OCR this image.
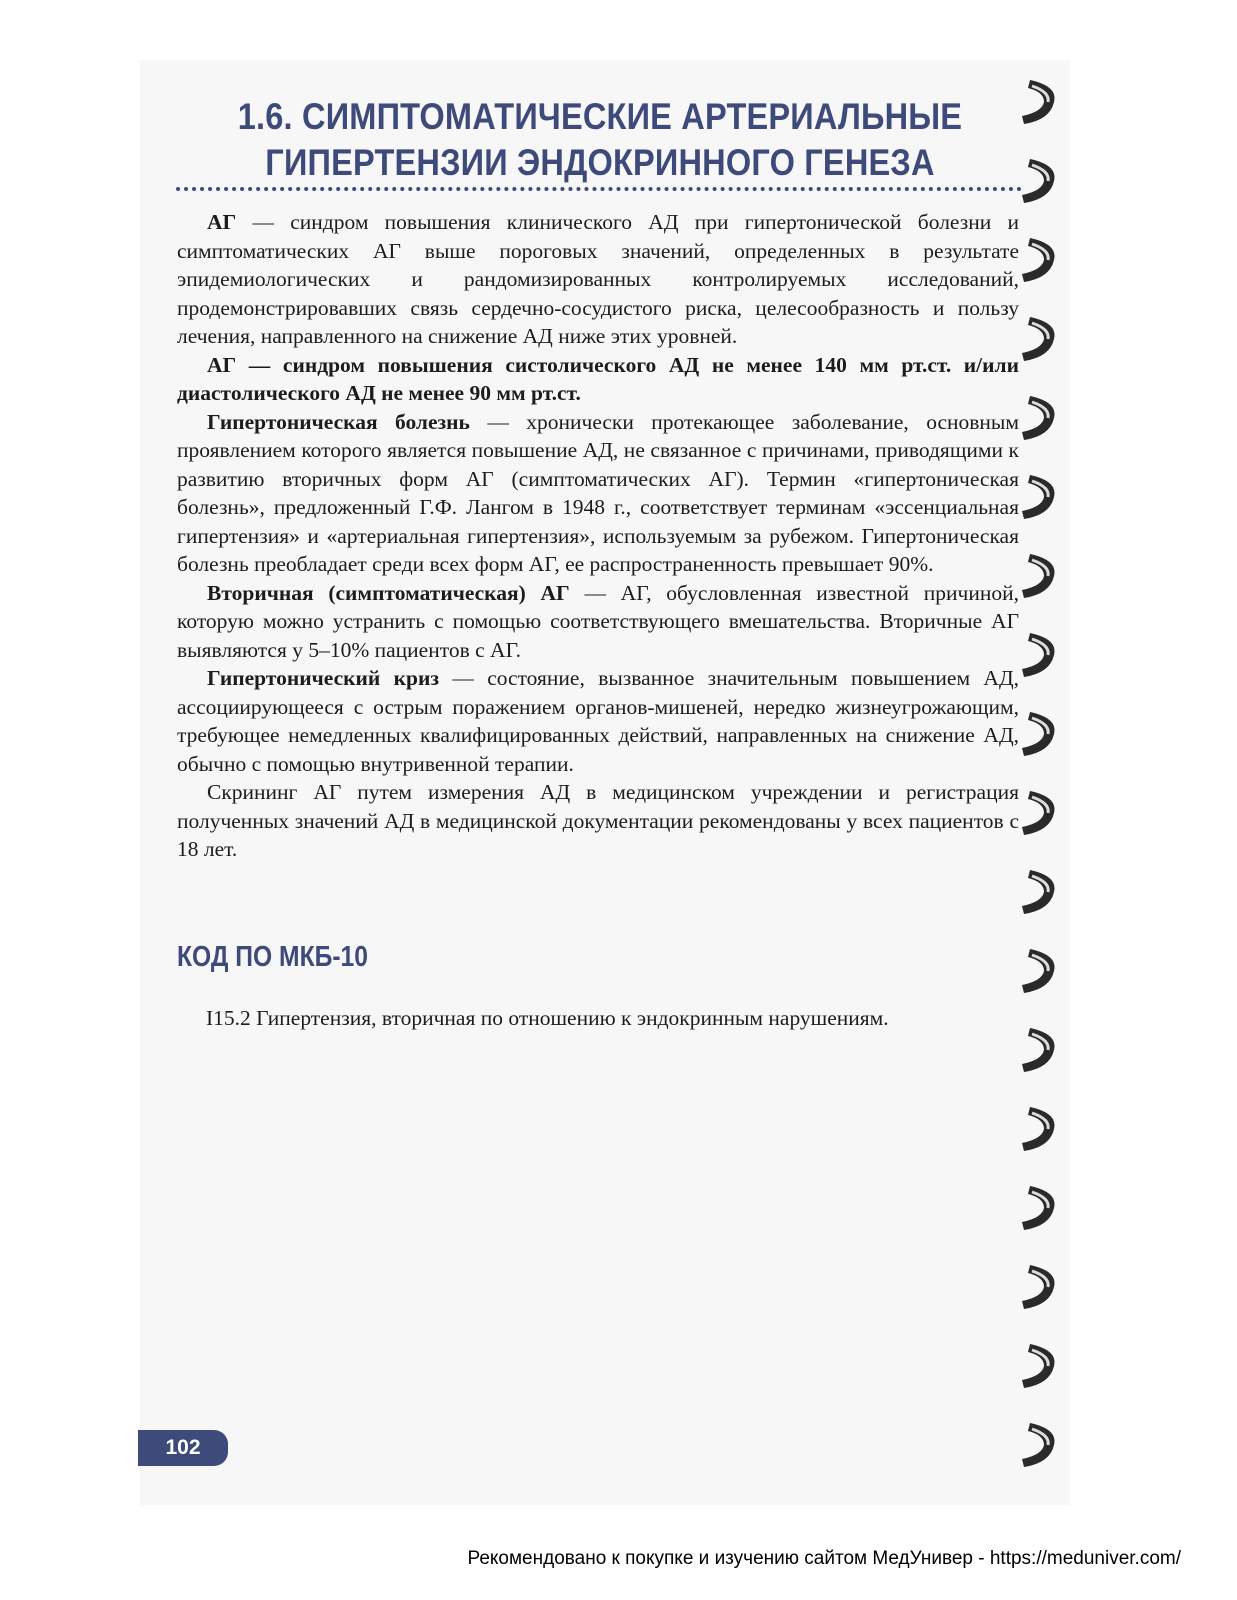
1.6. СИМПТОМАТИЧЕСКИЕ АРТЕРИАЛЬНЫЕ
ГИПЕРТЕНЗИИ ЭНДОКРИННОГО ГЕНЕЗА

АГ — синдром повышения клинического АД при гипертонической болезни и симптоматических АГ выше пороговых значений, определенных в результате эпидемиологических и рандомизированных контролируемых исследований, продемонстрировавших связь сердечно-сосудистого риска, целесообразность и пользу лечения, направленного на снижение АД ниже этих уровней.

АГ — синдром повышения систолического АД не менее 140 мм рт.ст. и/или диастолического АД не менее 90 мм рт.ст.

Гипертоническая болезнь — хронически протекающее заболевание, основным проявлением которого является повышение АД, не связанное с причинами, приводящими к развитию вторичных форм АГ (симптоматических АГ). Термин «гипертоническая болезнь», предложенный Г.Ф. Лангом в 1948 г., соответствует терминам «эссенциальная гипертензия» и «артериальная гипертензия», используемым за рубежом. Гипертоническая болезнь преобладает среди всех форм АГ, ее распространенность превышает 90%.

Вторичная (симптоматическая) АГ — АГ, обусловленная известной причиной, которую можно устранить с помощью соответствующего вмешательства. Вторичные АГ выявляются у 5–10% пациентов с АГ.

Гипертонический криз — состояние, вызванное значительным повышением АД, ассоциирующееся с острым поражением органов-мишеней, нередко жизнеугрожающим, требующее немедленных квалифицированных действий, направленных на снижение АД, обычно с помощью внутривенной терапии.

Скрининг АГ путем измерения АД в медицинском учреждении и регистрация полученных значений АД в медицинской документации рекомендованы у всех пациентов с 18 лет.

КОД ПО МКБ-10
I15.2 Гипертензия, вторичная по отношению к эндокринным нарушениям.
102
Рекомендовано к покупке и изучению сайтом МедУнивер - https://meduniver.com/
